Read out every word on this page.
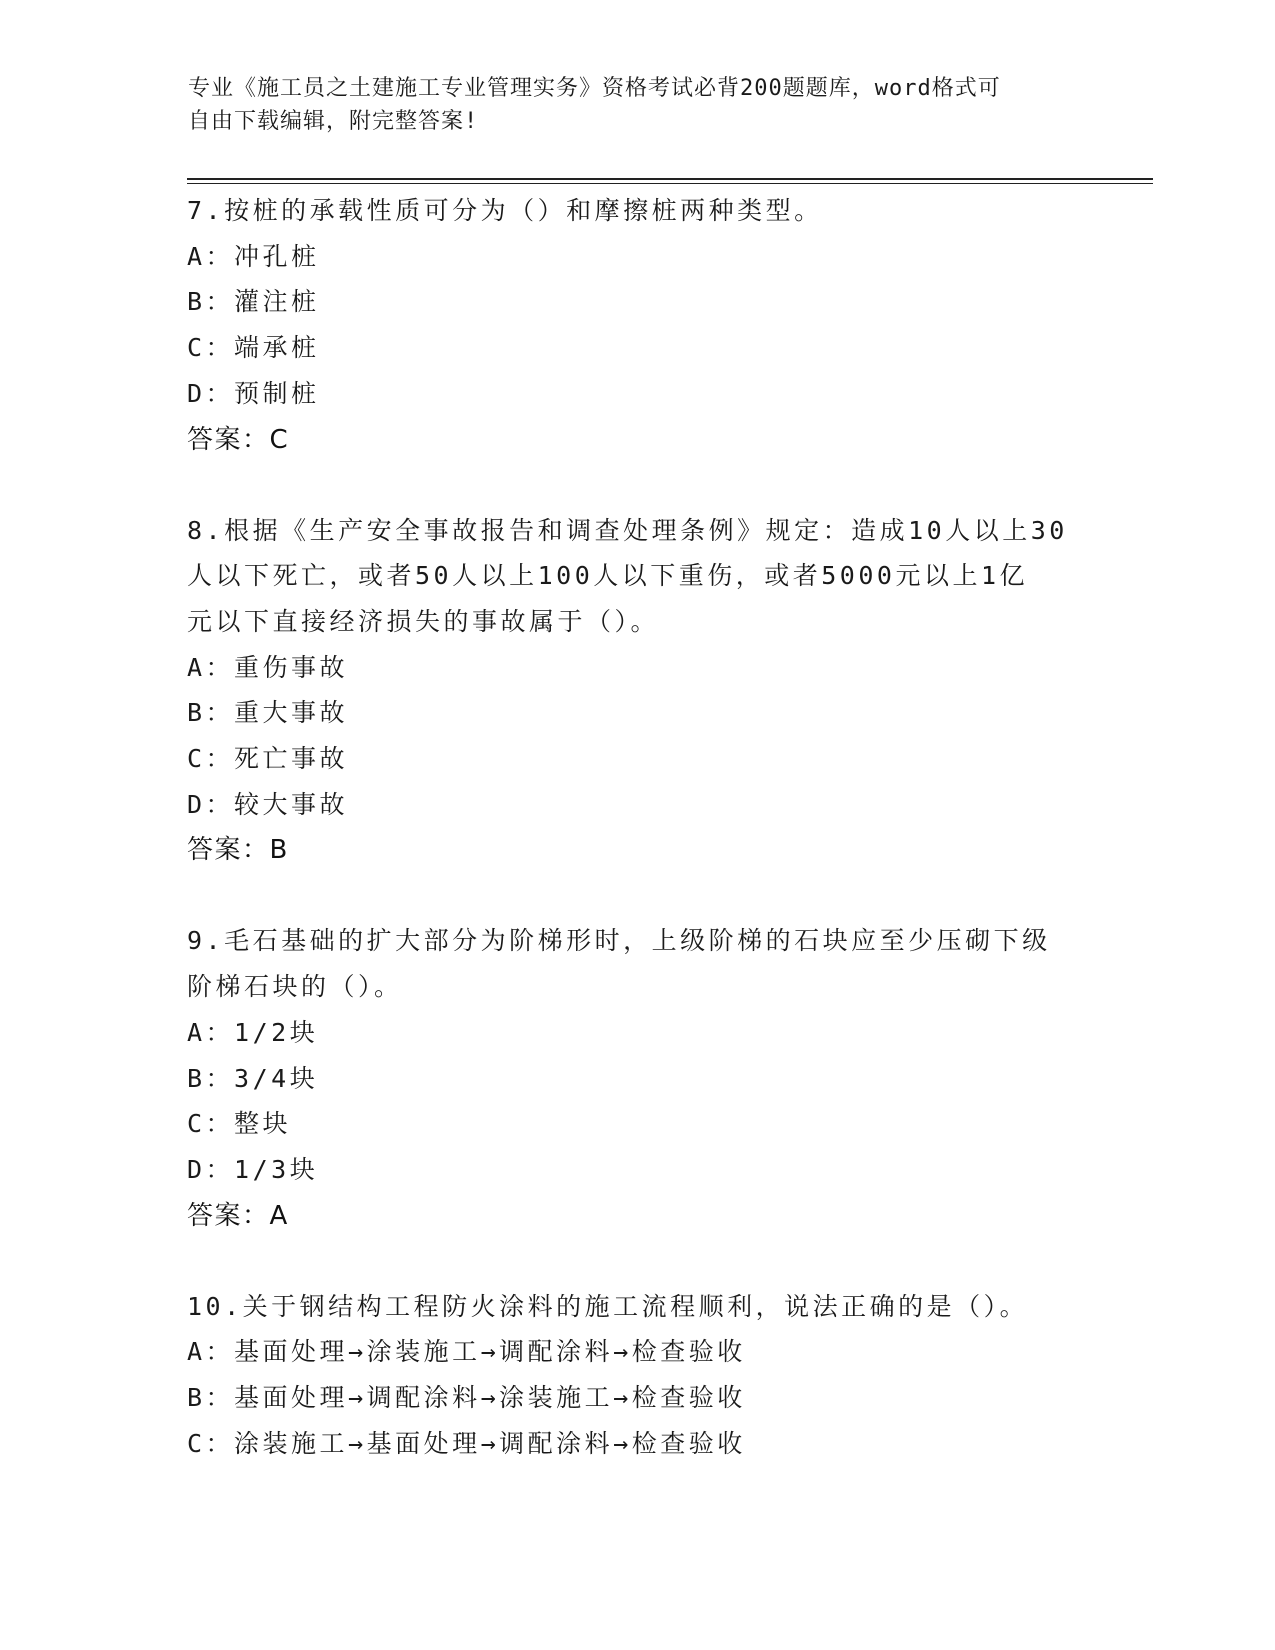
专业《施工员之土建施工专业管理实务》资格考试必背200题题库，word格式可
自由下载编辑，附完整答案!
7.按桩的承载性质可分为（）和摩擦桩两种类型。
A：冲孔桩
B：灌注桩
C：端承桩
D：预制桩
答案：C
8.根据《生产安全事故报告和调查处理条例》规定：造成10人以上30
人以下死亡，或者50人以上100人以下重伤，或者5000元以上1亿
元以下直接经济损失的事故属于（）。
A：重伤事故
B：重大事故
C：死亡事故
D：较大事故
答案：B
9.毛石基础的扩大部分为阶梯形时，上级阶梯的石块应至少压砌下级
阶梯石块的（）。
A：1/2块
B：3/4块
C：整块
D：1/3块
答案：A
10.关于钢结构工程防火涂料的施工流程顺利，说法正确的是（）。
A：基面处理→涂装施工→调配涂料→检查验收
B：基面处理→调配涂料→涂装施工→检查验收
C：涂装施工→基面处理→调配涂料→检查验收
